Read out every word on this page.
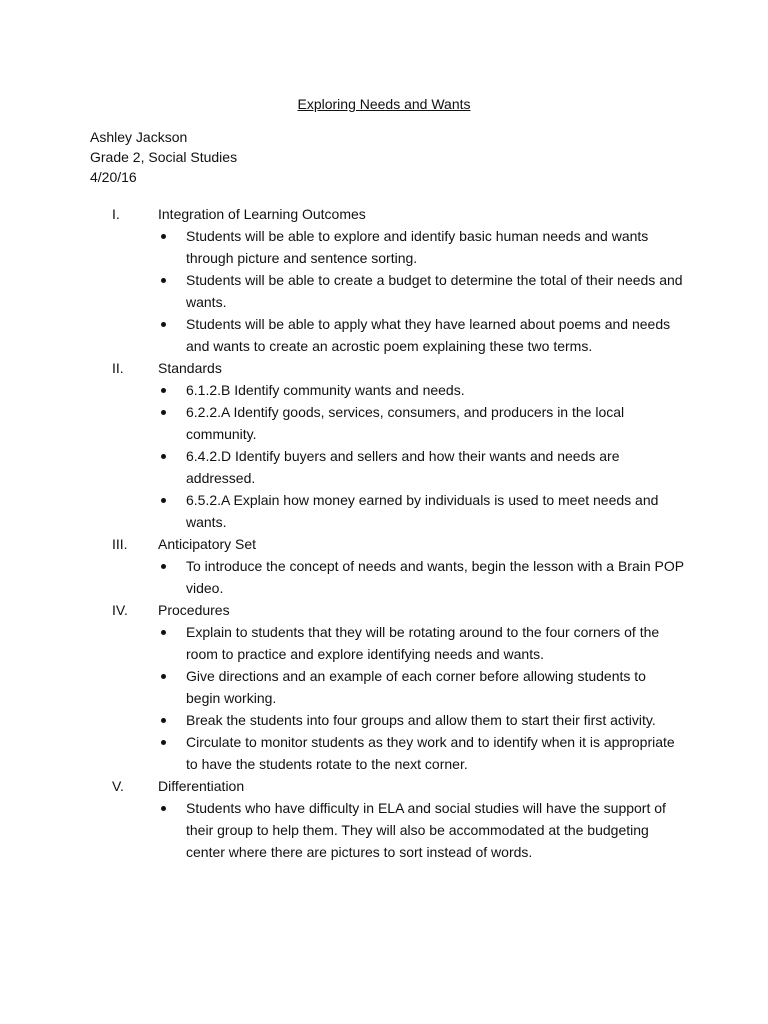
Exploring Needs and Wants
Ashley Jackson
Grade 2, Social Studies
4/20/16
I.	Integration of Learning Outcomes
Students will be able to explore and identify basic human needs and wants through picture and sentence sorting.
Students will be able to create a budget to determine the total of their needs and wants.
Students will be able to apply what they have learned about poems and needs and wants to create an acrostic poem explaining these two terms.
II. Standards
6.1.2.B Identify community wants and needs.
6.2.2.A Identify goods, services, consumers, and producers in the local community.
6.4.2.D Identify buyers and sellers and how their wants and needs are addressed.
6.5.2.A Explain how money earned by individuals is used to meet needs and wants.
III. Anticipatory Set
To introduce the concept of needs and wants, begin the lesson with a Brain POP video.
IV. Procedures
Explain to students that they will be rotating around to the four corners of the room to practice and explore identifying needs and wants.
Give directions and an example of each corner before allowing students to begin working.
Break the students into four groups and allow them to start their first activity.
Circulate to monitor students as they work and to identify when it is appropriate to have the students rotate to the next corner.
V. Differentiation
Students who have difficulty in ELA and social studies will have the support of their group to help them. They will also be accommodated at the budgeting center where there are pictures to sort instead of words.
